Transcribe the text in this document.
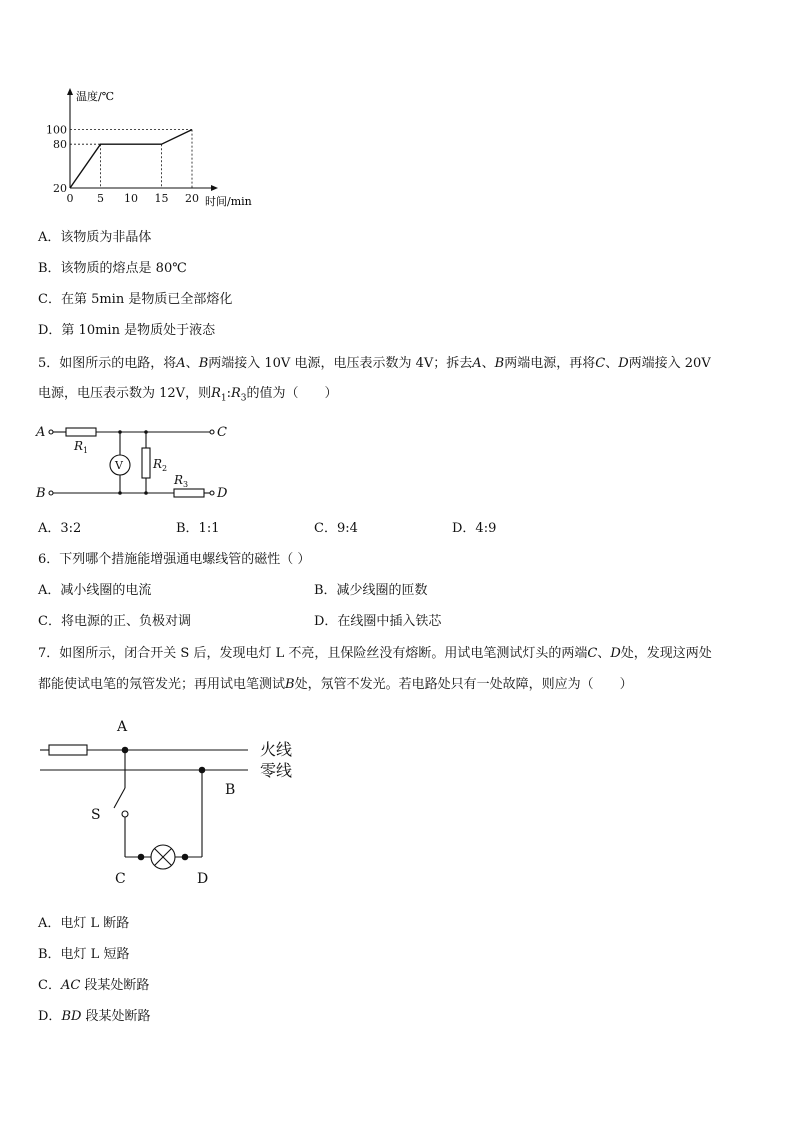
0 5 10 15 20
20
80
100
温度/℃
时间/min
A．该物质为非晶体
B．该物质的熔点是 80℃
C．在第 5min 是物质已全部熔化
D．第 10min 是物质处于液态
5．如图所示的电路，将A、B两端接入 10V 电源，电压表示数为 4V；拆去A、B两端电源，再将C、D两端接入 20V
电源，电压表示数为 12V，则$R_1:R_3$的值为（　　）
A
B
C
D
R 1
R 2
R 3
V
A．3:2	B．1:1	C．9:4	D．4:9
6．下列哪个措施能增强通电螺线管的磁性（ ）
A．减小线圈的电流	B．减少线圈的匝数
C．将电源的正、负极对调	D．在线圈中插入铁芯
7．如图所示，闭合开关 S 后，发现电灯 L 不亮，且保险丝没有熔断。用试电笔测试灯头的两端C、D处，发现这两处
都能使试电笔的氖管发光；再用试电笔测试B处，氖管不发光。若电路处只有一处故障，则应为（　　）
A
B
C	D
S
火线
零线
A．电灯 L 断路
B．电灯 L 短路
C．AC 段某处断路
D．BD 段某处断路
